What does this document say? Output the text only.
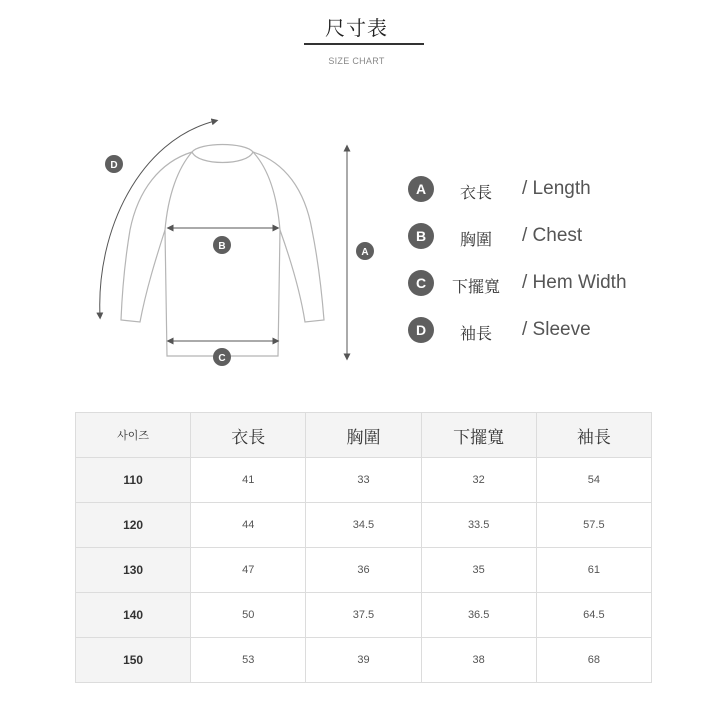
尺寸表
SIZE CHART
D
B
A
C
A	衣長	/ Length
B	胸圍	/ Chest
C	下擺寬	/ Hem Width
D	袖長	/ Sleeve
사이즈	衣長	胸圍	下擺寬	袖長
110	41	33	32	54
120	44	34.5	33.5	57.5
130	47	36	35	61
140	50	37.5	36.5	64.5
150	53	39	38	68
